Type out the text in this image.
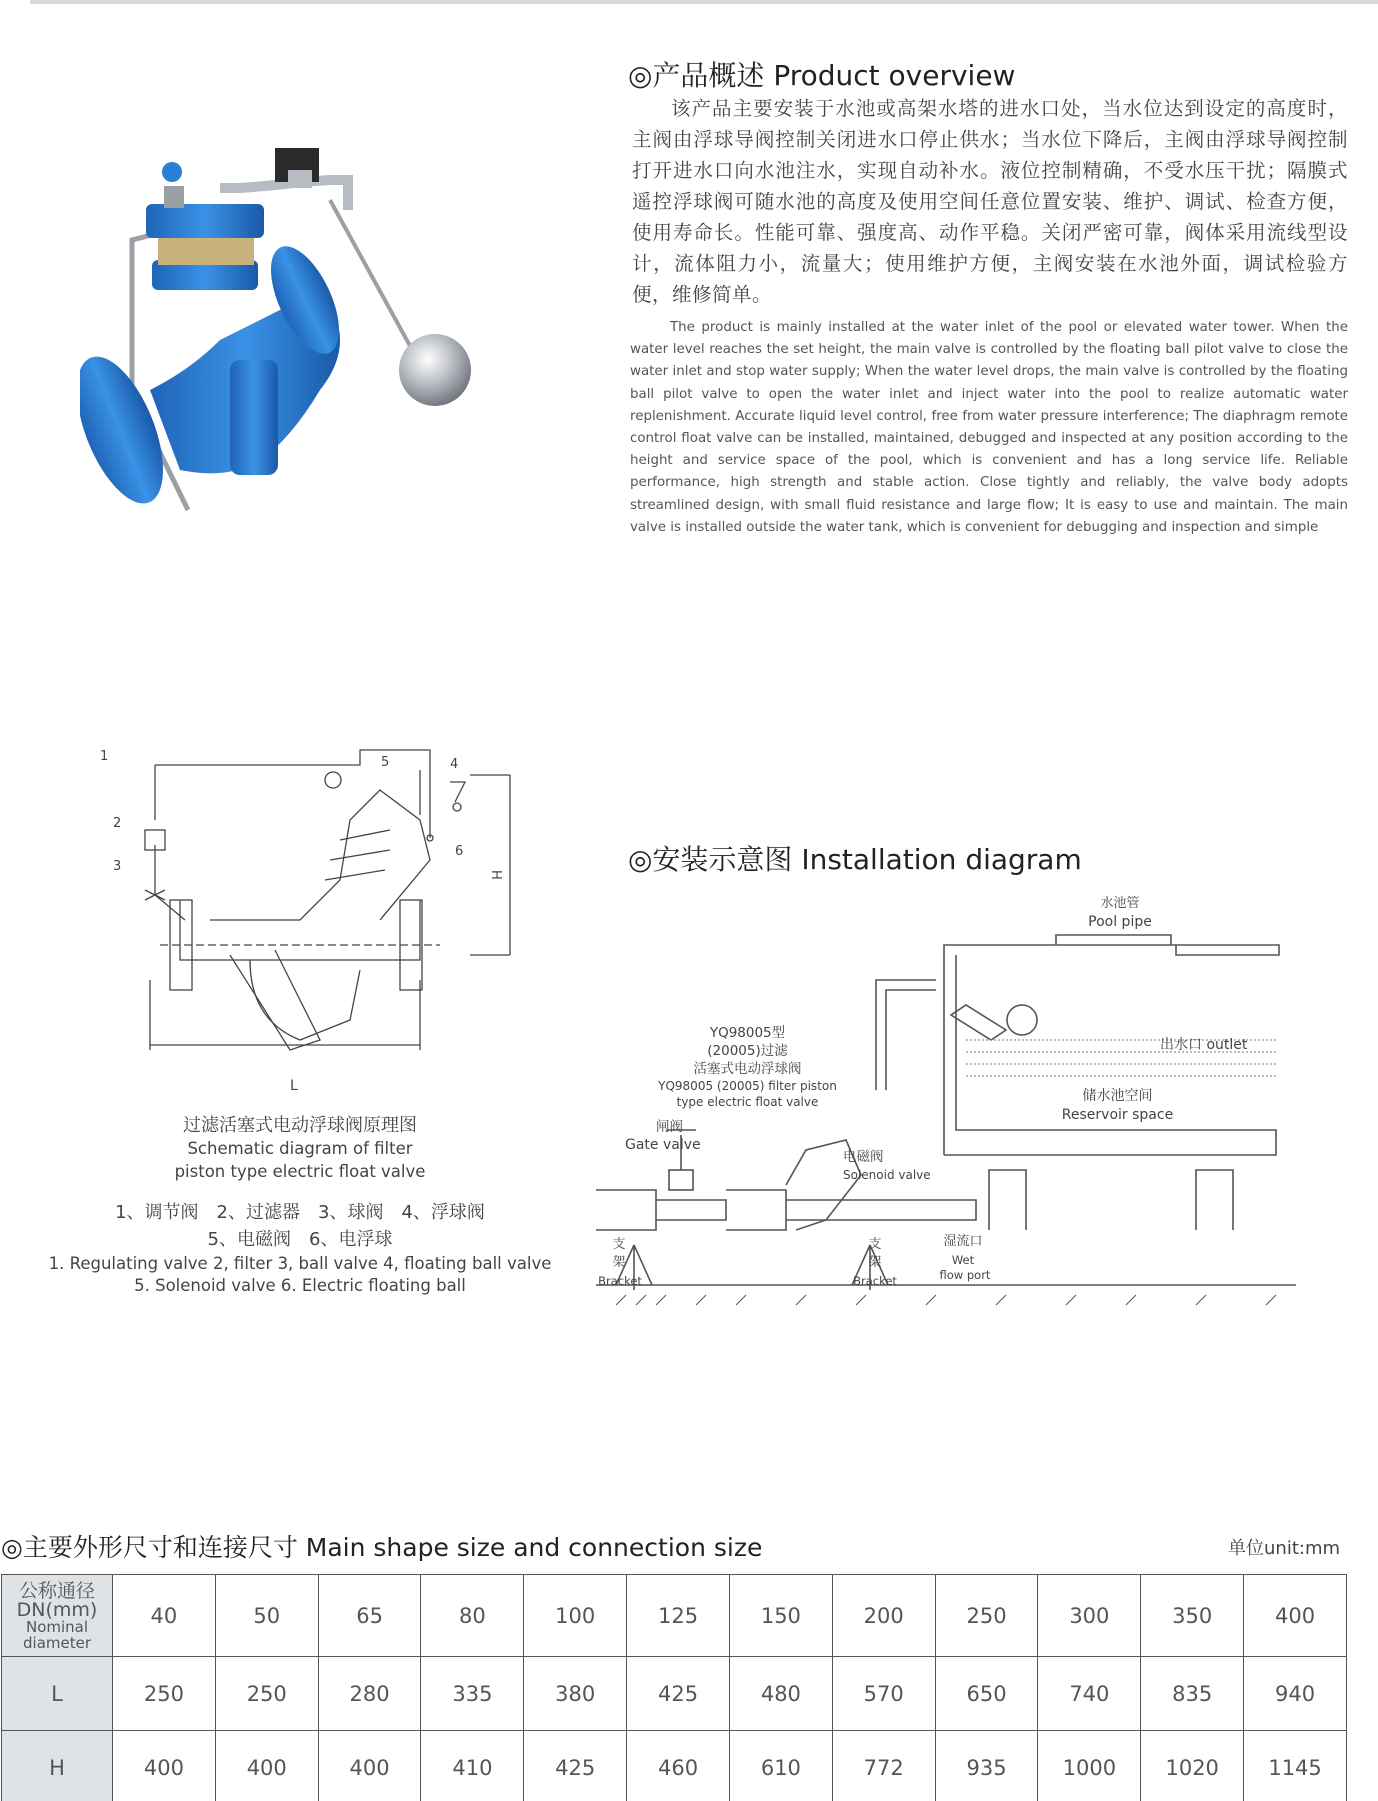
◎产品概述 Product overview
该产品主要安装于水池或高架水塔的进水口处，当水位达到设定的高度时，主阀由浮球导阀控制关闭进水口停止供水；当水位下降后，主阀由浮球导阀控制打开进水口向水池注水，实现自动补水。液位控制精确，不受水压干扰；隔膜式遥控浮球阀可随水池的高度及使用空间任意位置安装、维护、调试、检查方便，使用寿命长。性能可靠、强度高、动作平稳。关闭严密可靠，阀体采用流线型设计，流体阻力小，流量大；使用维护方便，主阀安装在水池外面，调试检验方便，维修简单。
The product is mainly installed at the water inlet of the pool or elevated water tower. When the water level reaches the set height, the main valve is controlled by the floating ball pilot valve to close the water inlet and stop water supply; When the water level drops, the main valve is controlled by the floating ball pilot valve to open the water inlet and inject water into the pool to realize automatic water replenishment. Accurate liquid level control, free from water pressure interference; The diaphragm remote control float valve can be installed, maintained, debugged and inspected at any position according to the height and service space of the pool, which is convenient and has a long service life. Reliable performance, high strength and stable action. Close tightly and reliably, the valve body adopts streamlined design, with small fluid resistance and large flow; It is easy to use and maintain. The main valve is installed outside the water tank, which is convenient for debugging and inspection and simple
1
2
3
4
5
6
H
L
过滤活塞式电动浮球阀原理图
Schematic diagram of filter
piston type electric float valve
1、调节阀　2、过滤器　3、球阀　4、浮球阀
5、电磁阀　6、电浮球
1. Regulating valve 2, filter 3, ball valve 4, floating ball valve
5. Solenoid valve 6. Electric floating ball
◎安装示意图 Installation diagram
水池管
Pool pipe
出水口 outlet
储水池空间
Reservoir space
YQ98005型
(20005)过滤
活塞式电动浮球阀
YQ98005 (20005) filter piston
type electric float valve
闸阀
Gate valve
电磁阀
Solenoid valve
支
架
Bracket
支
架
Bracket
湿流口
Wet
flow port
◎主要外形尺寸和连接尺寸 Main shape size and connection size	单位unit:mm
公称通径
DN(mm)
Nominal
diameter	40	50	65	80	100	125	150	200	250	300	350	400
L	250	250	280	335	380	425	480	570	650	740	835	940
H	400	400	400	410	425	460	610	772	935	1000	1020	1145
